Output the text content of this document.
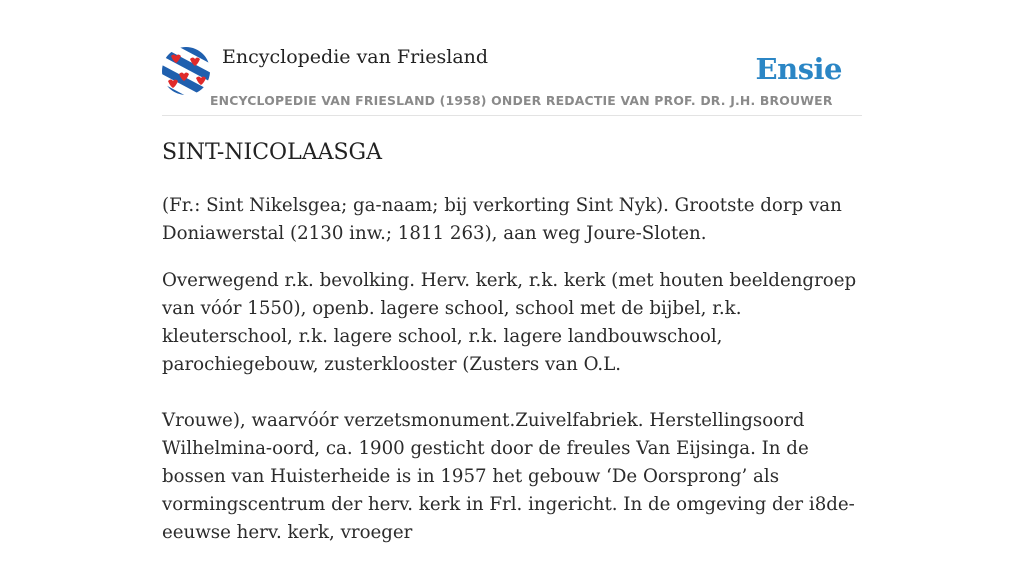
Encyclopedie van Friesland	Ensie
ENCYCLOPEDIE VAN FRIESLAND (1958) ONDER REDACTIE VAN PROF. DR. J.H. BROUWER
SINT-NICOLAASGA

(Fr.: Sint Nikelsgea; ga-naam; bij verkorting Sint Nyk). Grootste dorp van Doniawerstal (2130 inw.; 1811 263), aan weg Joure-Sloten.

Overwegend r.k. bevolking. Herv. kerk, r.k. kerk (met houten beeldengroep van vóór 1550), openb. lagere school, school met de bijbel, r.k. kleuterschool, r.k. lagere school, r.k. lagere landbouwschool, parochiegebouw, zusterklooster (Zusters van O.L.

Vrouwe), waarvóór verzetsmonument.Zuivelfabriek. Herstellingsoord Wilhelmina-oord, ca. 1900 gesticht door de freules Van Eijsinga. In de bossen van Huisterheide is in 1957 het gebouw ‘De Oorsprong’ als vormingscentrum der herv. kerk in Frl. ingericht. In de omgeving der i8de-eeuwse herv. kerk, vroeger
